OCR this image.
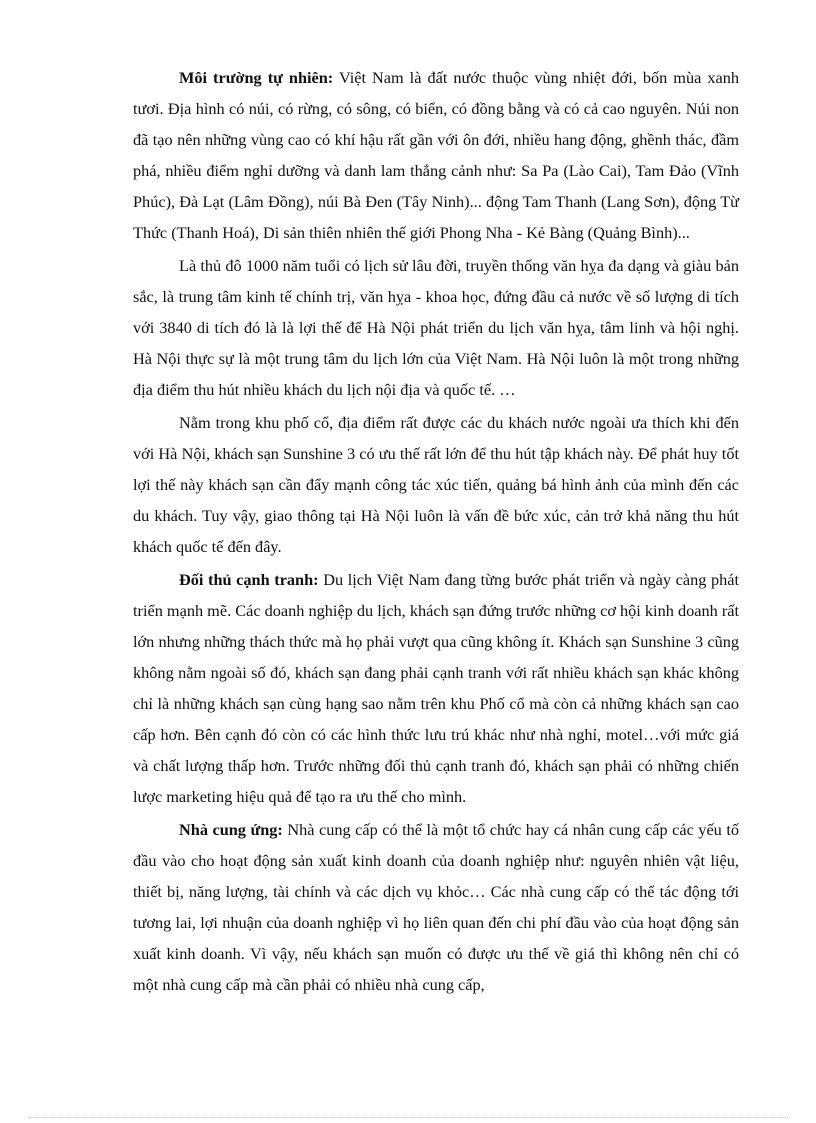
Môi trường tự nhiên: Việt Nam là đất nước thuộc vùng nhiệt đới, bốn mùa xanh tươi. Địa hình có núi, có rừng, có sông, có biển, có đồng bằng và có cả cao nguyên. Núi non đã tạo nên những vùng cao có khí hậu rất gần với ôn đới, nhiều hang động, ghềnh thác, đầm phá, nhiều điểm nghỉ dưỡng và danh lam thắng cảnh như: Sa Pa (Lào Cai), Tam Đảo (Vĩnh Phúc), Đà Lạt (Lâm Đồng), núi Bà Đen (Tây Ninh)... động Tam Thanh (Lang Sơn), động Từ Thức (Thanh Hoá), Di sản thiên nhiên thế giới Phong Nha - Kẻ Bàng (Quảng Bình)...

Là thủ đô 1000 năm tuổi có lịch sử lâu đời, truyền thống văn hỵa đa dạng và giàu bản sắc, là trung tâm kinh tế chính trị, văn hỵa - khoa học, đứng đầu cả nước về số lượng di tích với 3840 di tích đó là là lợi thế để Hà Nội phát triển du lịch văn hỵa, tâm linh và hội nghị. Hà Nội thực sự là một trung tâm du lịch lớn của Việt Nam. Hà Nội luôn là một trong những địa điểm thu hút nhiều khách du lịch nội địa và quốc tế. …

Nằm trong khu phố cổ, địa điểm rất được các du khách nước ngoài ưa thích khi đến với Hà Nội, khách sạn Sunshine 3 có ưu thế rất lớn để thu hút tập khách này. Để phát huy tốt lợi thế này khách sạn cần đẩy mạnh công tác xúc tiến, quảng bá hình ảnh của mình đến các du khách. Tuy vậy, giao thông tại Hà Nội luôn là vấn đề bức xúc, cản trở khả năng thu hút khách quốc tế đến đây.

Đối thủ cạnh tranh: Du lịch Việt Nam đang từng bước phát triển và ngày càng phát triển mạnh mẽ. Các doanh nghiệp du lịch, khách sạn đứng trước những cơ hội kinh doanh rất lớn nhưng những thách thức mà họ phải vượt qua cũng không ít. Khách sạn Sunshine 3 cũng không nằm ngoài số đó, khách sạn đang phải cạnh tranh với rất nhiều khách sạn khác không chỉ là những khách sạn cùng hạng sao nằm trên khu Phố cổ mà còn cả những khách sạn cao cấp hơn. Bên cạnh đó còn có các hình thức lưu trú khác như nhà nghỉ, motel…với mức giá và chất lượng thấp hơn. Trước những đối thủ cạnh tranh đó, khách sạn phải có những chiến lược marketing hiệu quả để tạo ra ưu thế cho mình.

Nhà cung ứng: Nhà cung cấp có thể là một tổ chức hay cá nhân cung cấp các yếu tố đầu vào cho hoạt động sản xuất kinh doanh của doanh nghiệp như: nguyên nhiên vật liệu, thiết bị, năng lượng, tài chính và các dịch vụ khỏc… Các nhà cung cấp có thể tác động tới tương lai, lợi nhuận của doanh nghiệp vì họ liên quan đến chi phí đầu vào của hoạt động sản xuất kinh doanh. Vì vậy, nếu khách sạn muốn có được ưu thế về giá thì không nên chỉ có một nhà cung cấp mà cần phải có nhiều nhà cung cấp,
